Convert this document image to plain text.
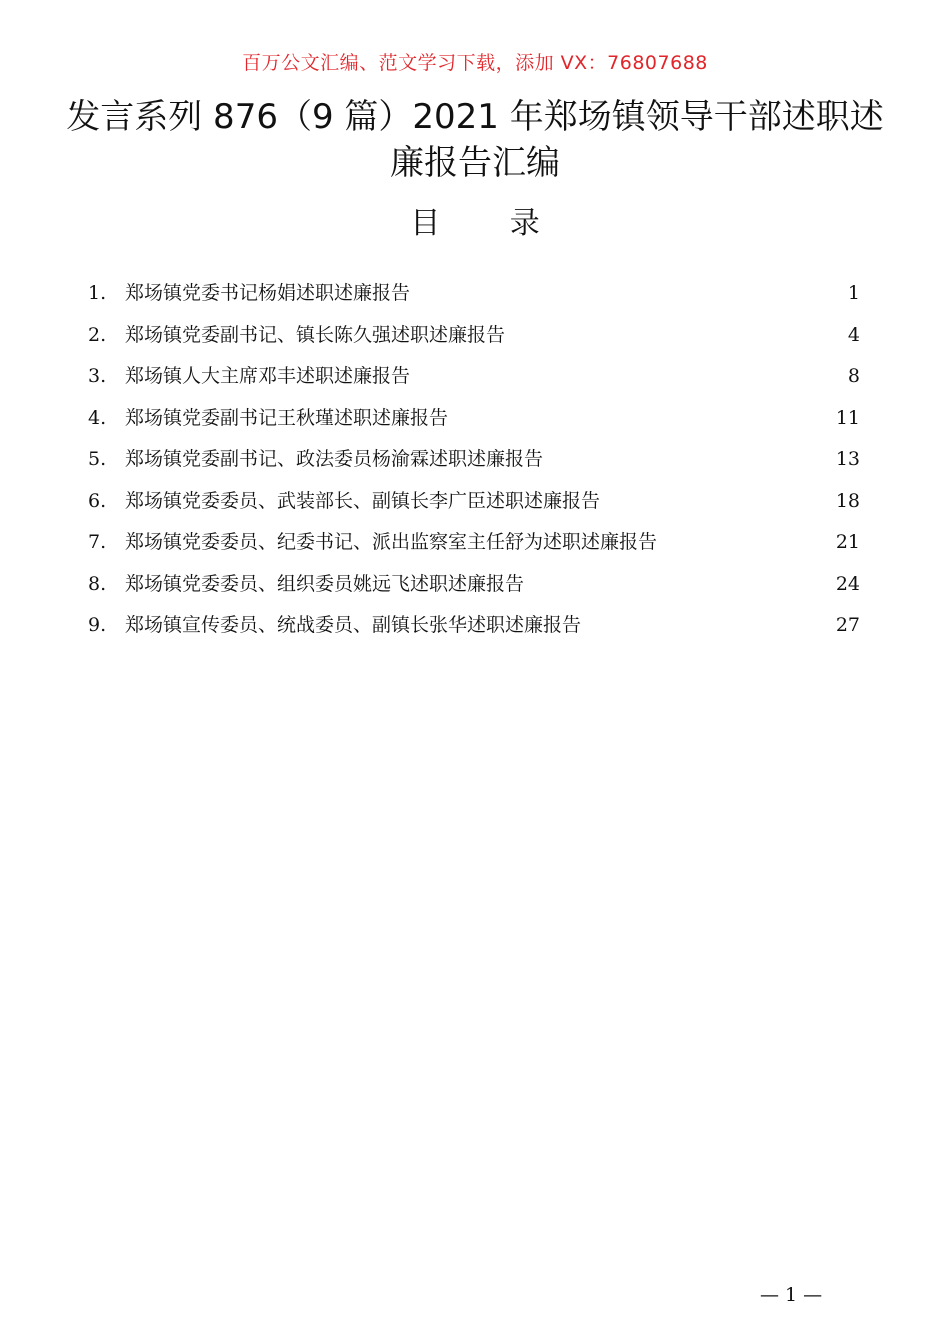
百万公文汇编、范文学习下载，添加 VX：76807688
发言系列 876（9 篇）2021 年郑场镇领导干部述职述廉报告汇编
目 录
1. 郑场镇党委书记杨娟述职述廉报告	1
2. 郑场镇党委副书记、镇长陈久强述职述廉报告	4
3. 郑场镇人大主席邓丰述职述廉报告	8
4. 郑场镇党委副书记王秋瑾述职述廉报告	11
5. 郑场镇党委副书记、政法委员杨渝霖述职述廉报告	13
6. 郑场镇党委委员、武装部长、副镇长李广臣述职述廉报告	18
7. 郑场镇党委委员、纪委书记、派出监察室主任舒为述职述廉报告	21
8. 郑场镇党委委员、组织委员姚远飞述职述廉报告	24
9. 郑场镇宣传委员、统战委员、副镇长张华述职述廉报告	27
— 1 —
